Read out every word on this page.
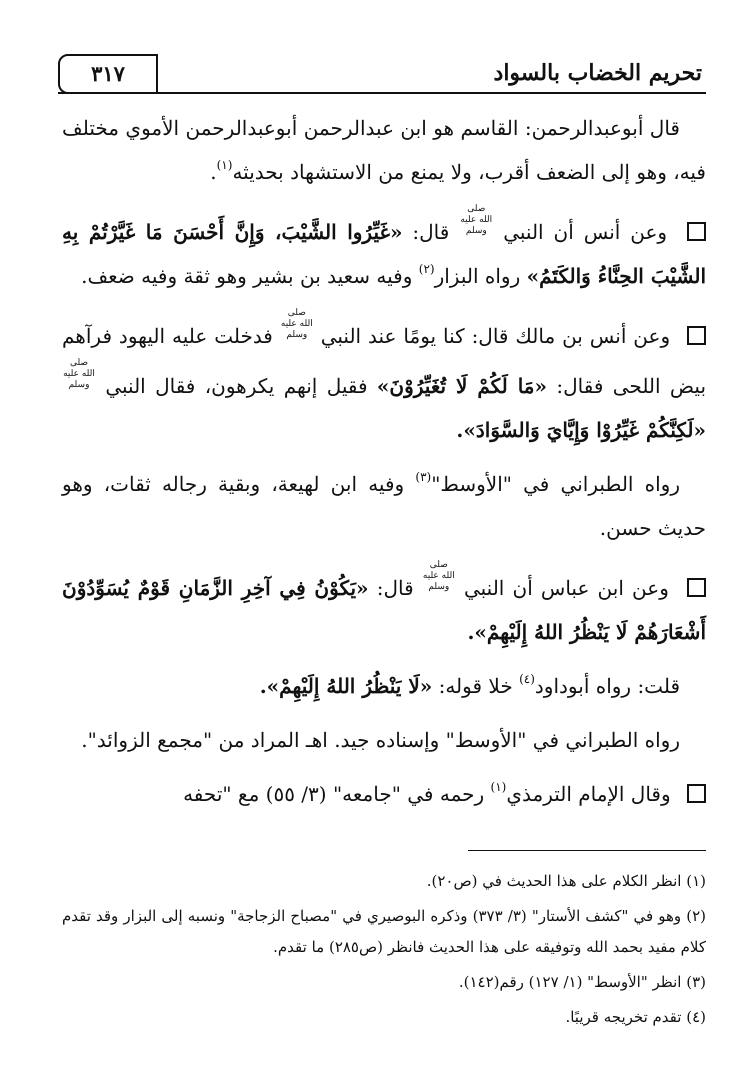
٣١٧	تحريم الخضاب بالسواد

قال أبوعبدالرحمن: القاسم هو ابن عبدالرحمن أبوعبدالرحمن الأموي مختلف فيه، وهو إلى الضعف أقرب، ولا يمنع من الاستشهاد بحديثه$^{(١)}$.

وعن أنس أن النبي صلى الله عليه وسلم قال: «غَيِّرُوا الشَّيْبَ، وَإِنَّ أَحْسَنَ مَا غَيَّرْتُمْ بِهِ الشَّيْبَ الحِنَّاءُ وَالكَتَمُ» رواه البزار$^{(٢)}$ وفيه سعيد بن بشير وهو ثقة وفيه ضعف.

وعن أنس بن مالك قال: كنا يومًا عند النبي صلى الله عليه وسلم فدخلت عليه اليهود فرآهم بيض اللحى فقال: «مَا لَكُمْ لَا تُغَيِّرُوْنَ» فقيل إنهم يكرهون، فقال النبي صلى الله عليه وسلم «لَكِنَّكُمْ غَيِّرُوْا وَإِيَّايَ وَالسَّوَادَ».

رواه الطبراني في "الأوسط"$^{(٣)}$ وفيه ابن لهيعة، وبقية رجاله ثقات، وهو حديث حسن.

وعن ابن عباس أن النبي صلى الله عليه وسلم قال: «يَكُوْنُ فِي آخِرِ الزَّمَانِ قَوْمٌ يُسَوِّدُوْنَ أَشْعَارَهُمْ لَا يَنْظُرُ اللهُ إِلَيْهِمْ».

قلت: رواه أبوداود$^{(٤)}$ خلا قوله: «لَا يَنْظُرُ اللهُ إِلَيْهِمْ».

رواه الطبراني في "الأوسط" وإسناده جيد. اهـ المراد من "مجمع الزوائد".

وقال الإمام الترمذي$^{(١)}$ رحمه في "جامعه" (٣/ ٥٥) مع "تحفه

(١) انظر الكلام على هذا الحديث في (ص٢٠).

(٢) وهو في "كشف الأستار" (٣/ ٣٧٣) وذكره البوصيري في "مصباح الزجاجة" ونسبه إلى البزار وقد تقدم كلام مفيد بحمد الله وتوفيقه على هذا الحديث فانظر (ص٢٨٥) ما تقدم.

(٣) انظر "الأوسط" (١/ ١٢٧) رقم(١٤٢).

(٤) تقدم تخريجه قريبًا.
